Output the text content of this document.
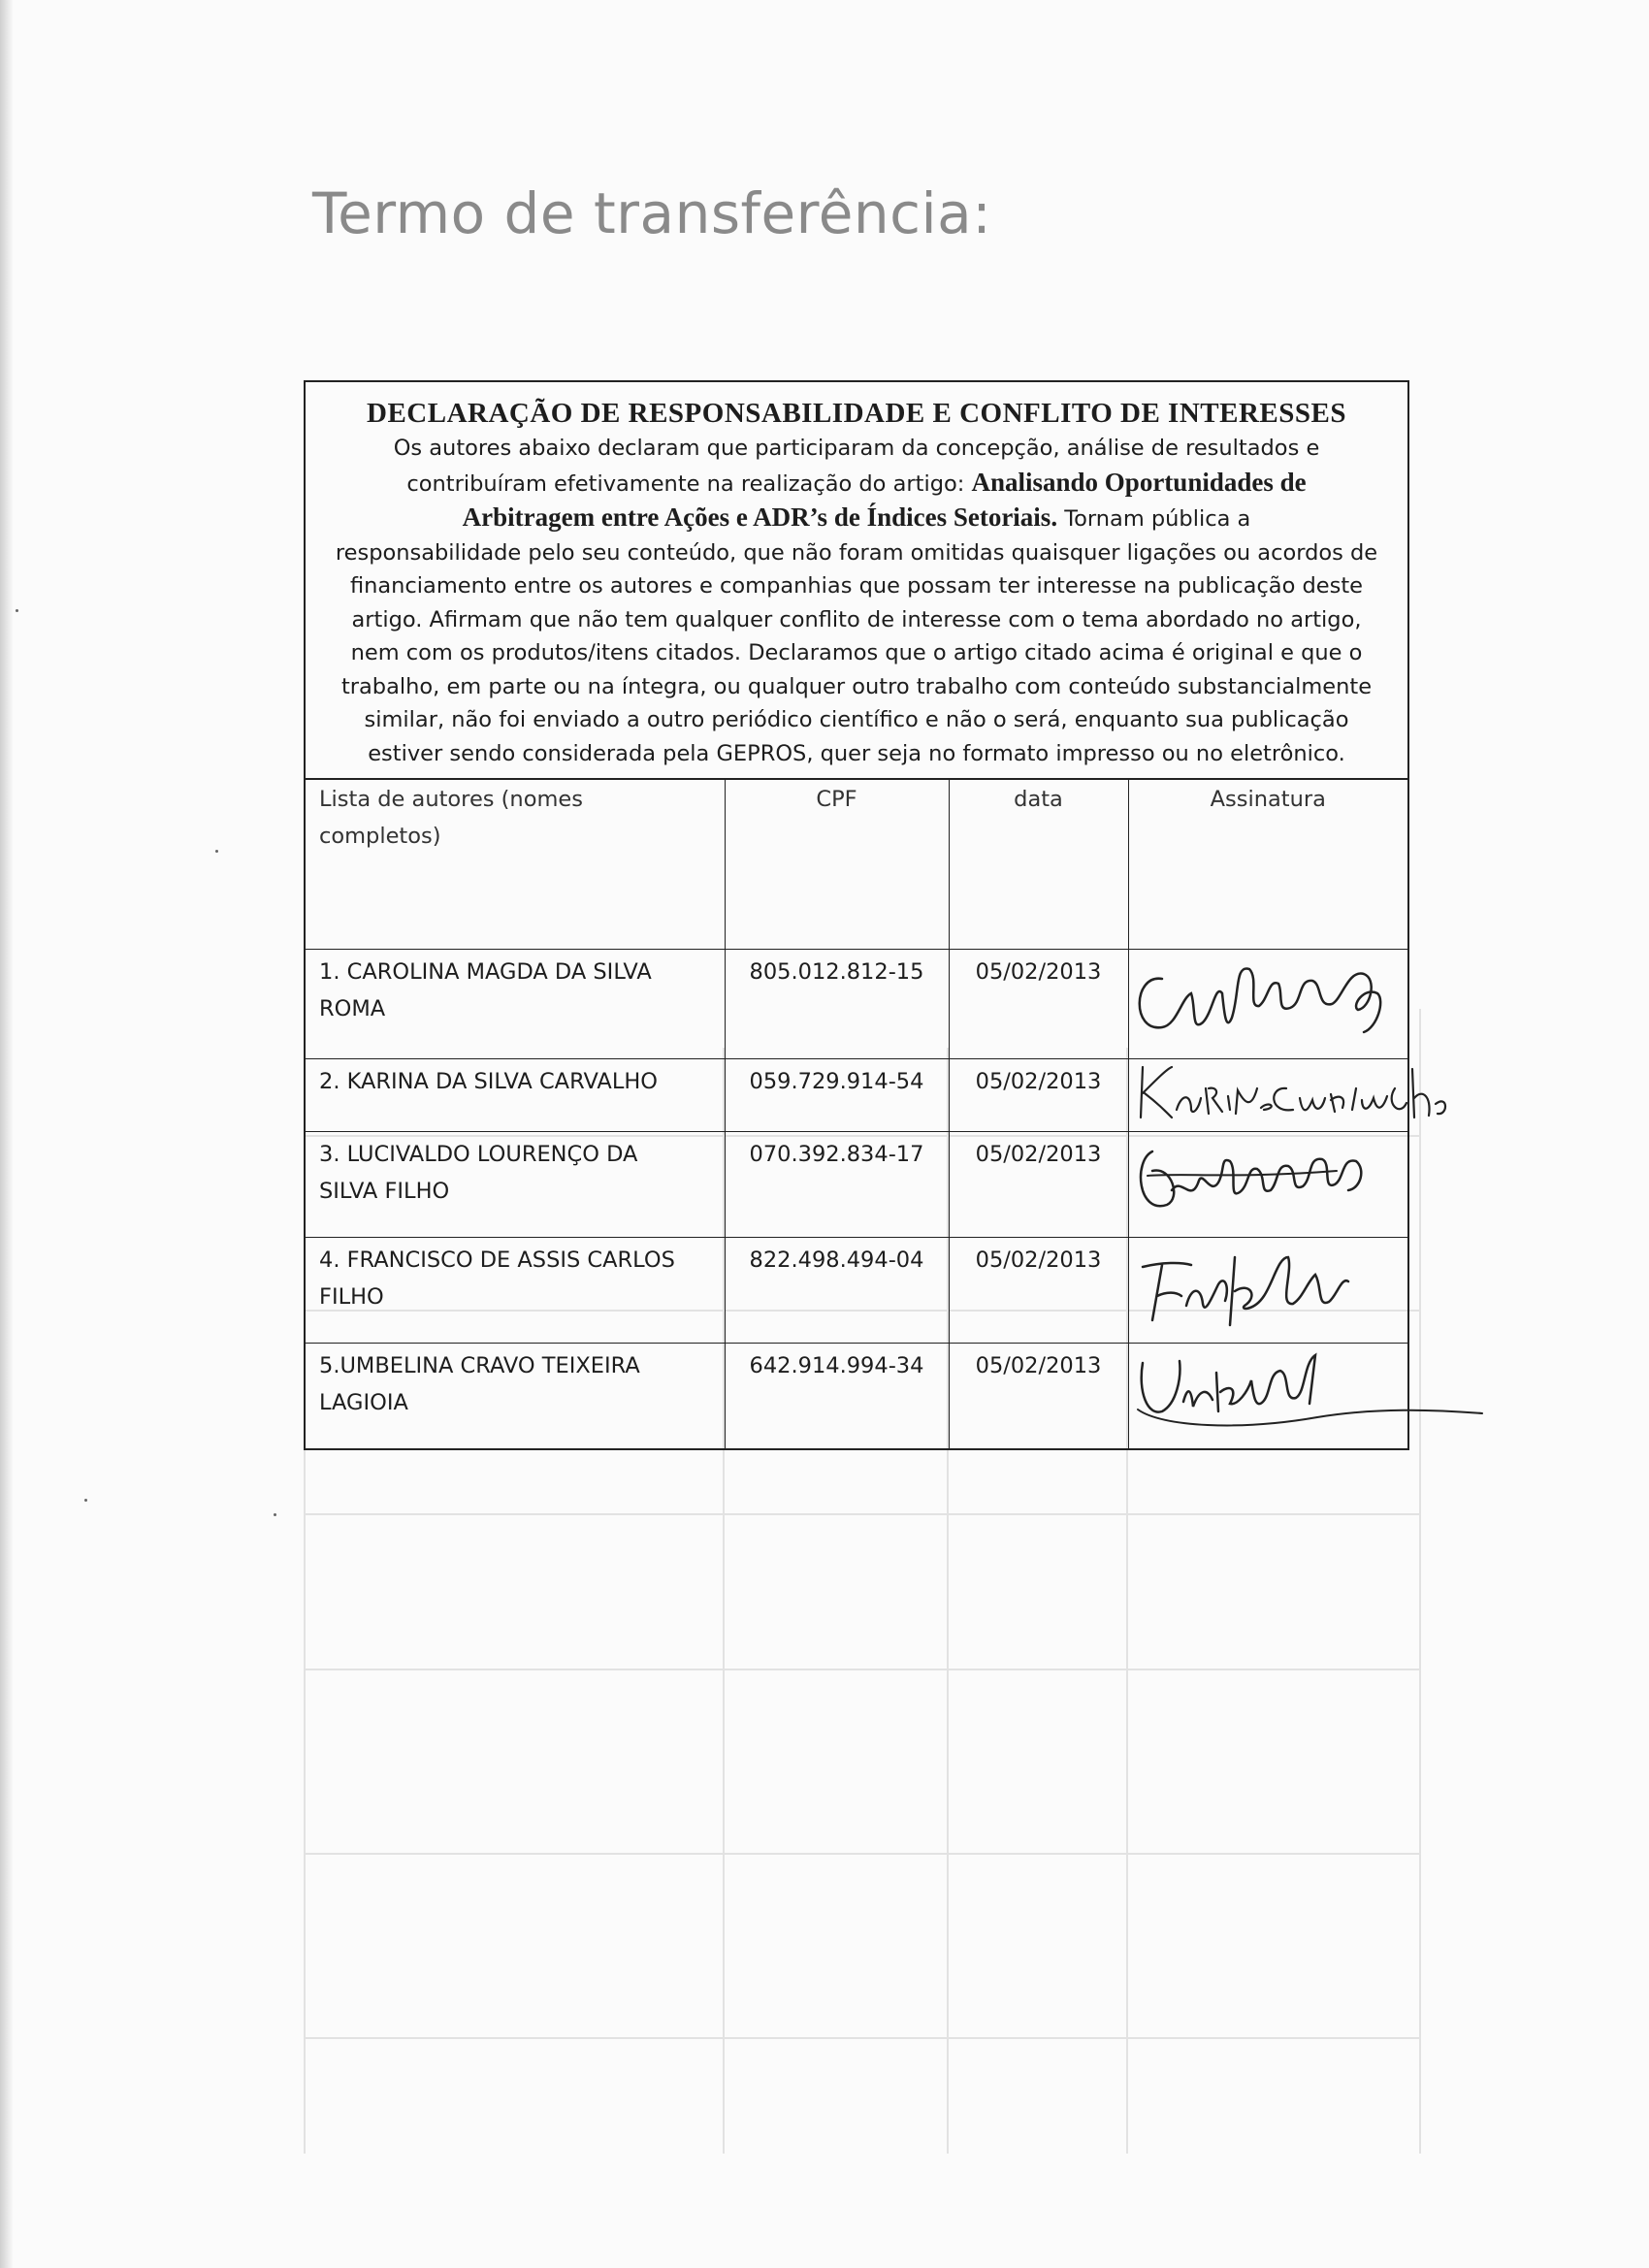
Termo de transferência:
DECLARAÇÃO DE RESPONSABILIDADE E CONFLITO DE INTERESSES
Os autores abaixo declaram que participaram da concepção, análise de resultados e
contribuíram efetivamente na realização do artigo: Analisando Oportunidades de
Arbitragem entre Ações e ADR’s de Índices Setoriais. Tornam pública a
responsabilidade pelo seu conteúdo, que não foram omitidas quaisquer ligações ou acordos de
financiamento entre os autores e companhias que possam ter interesse na publicação deste
artigo. Afirmam que não tem qualquer conflito de interesse com o tema abordado no artigo,
nem com os produtos/itens citados. Declaramos que o artigo citado acima é original e que o
trabalho, em parte ou na íntegra, ou qualquer outro trabalho com conteúdo substancialmente
similar, não foi enviado a outro periódico científico e não o será, enquanto sua publicação
estiver sendo considerada pela GEPROS, quer seja no formato impresso ou no eletrônico.
Lista de autores (nomes
completos)	CPF	data	Assinatura
1. CAROLINA MAGDA DA SILVA
ROMA	805.012.812-15	05/02/2013	

2. KARINA DA SILVA CARVALHO	059.729.914-54	05/02/2013	

3. LUCIVALDO LOURENÇO DA
SILVA FILHO	070.392.834-17	05/02/2013	

4. FRANCISCO DE ASSIS CARLOS
FILHO	822.498.494-04	05/02/2013	

5.UMBELINA CRAVO TEIXEIRA
LAGIOIA	642.914.994-34	05/02/2013	
